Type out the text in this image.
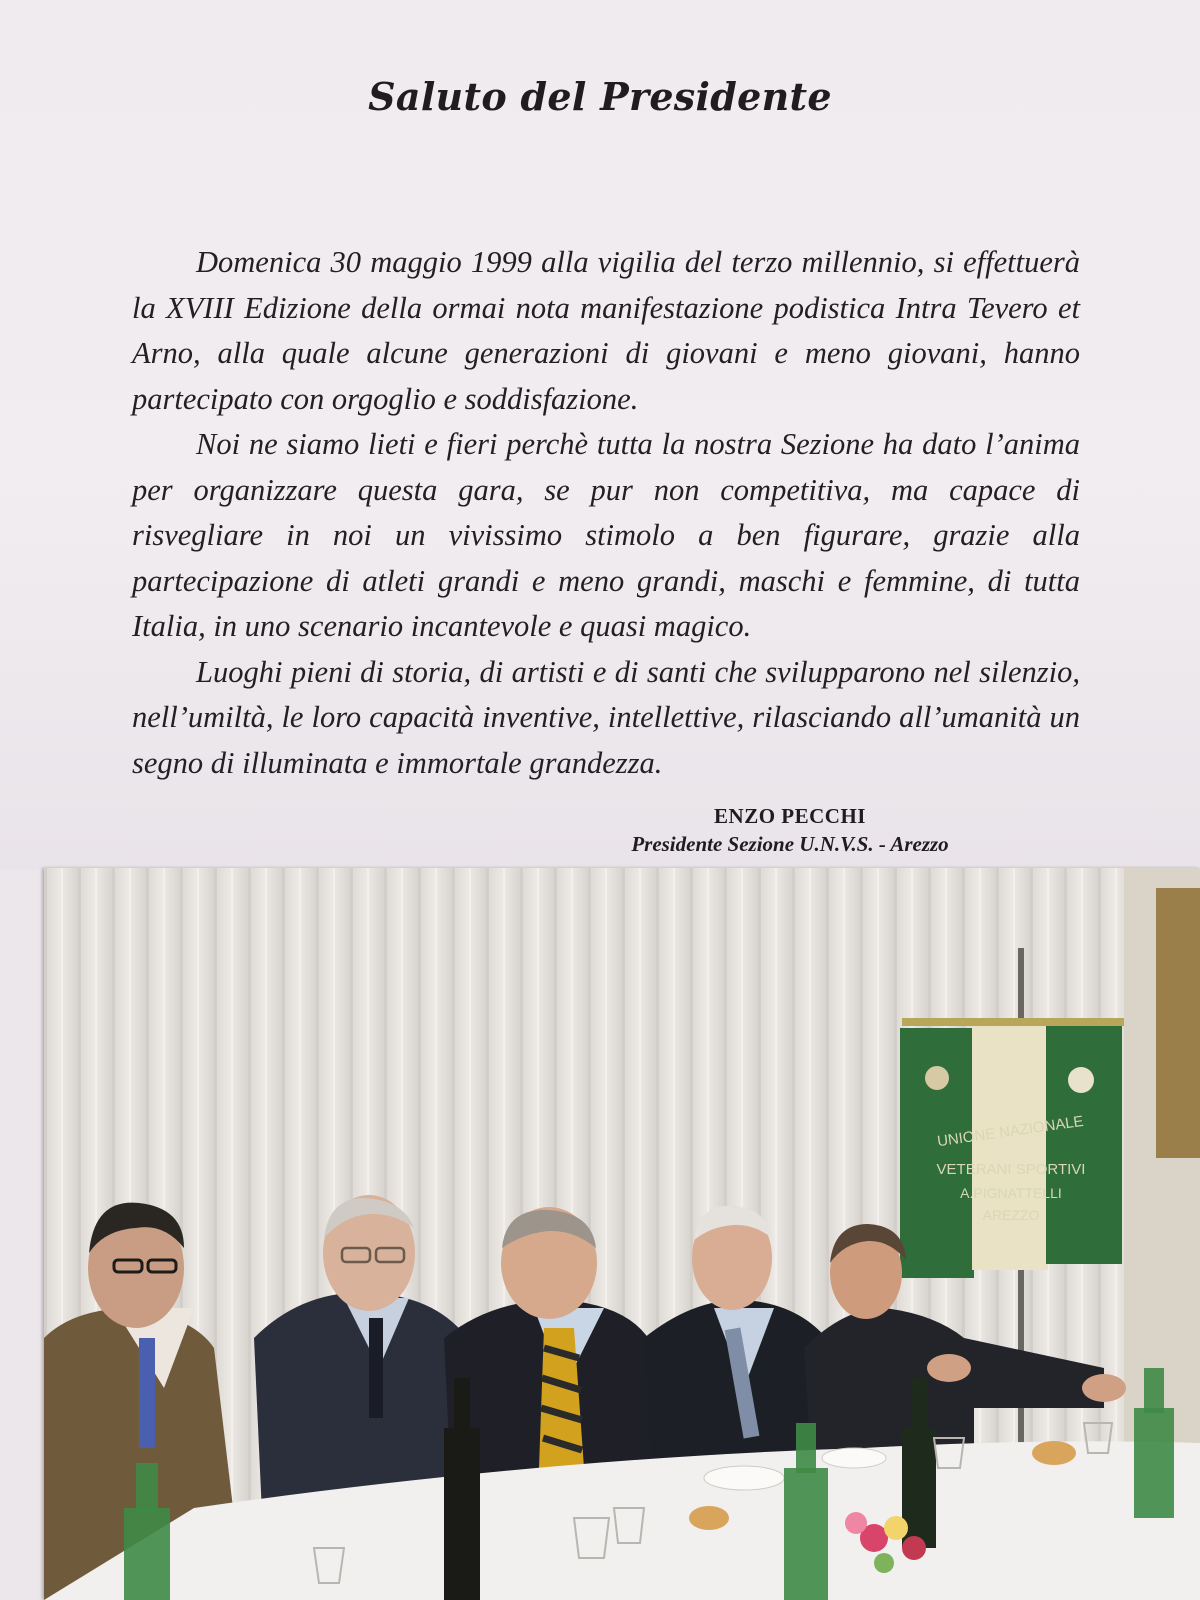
Saluto del Presidente

Domenica 30 maggio 1999 alla vigilia del terzo millennio, si effettuerà la XVIII Edizione della ormai nota manifestazione podistica Intra Tevero et Arno, alla quale alcune generazioni di giovani e meno giovani, hanno partecipato con orgoglio e soddisfazione.

Noi ne siamo lieti e fieri perchè tutta la nostra Sezione ha dato l’anima per organizzare questa gara, se pur non competitiva, ma capace di risvegliare in noi un vivissimo stimolo a ben figurare, grazie alla partecipazione di atleti grandi e meno grandi, maschi e femmine, di tutta Italia, in uno scenario incantevole e quasi magico.

Luoghi pieni di storia, di artisti e di santi che svilupparono nel silenzio, nell’umiltà, le loro capacità inventive, intellettive, rilasciando all’umanità un segno di illuminata e immortale grandezza.

ENZO PECCHI
Presidente Sezione U.N.V.S. - Arezzo
UNIONE NAZIONALE
VETERANI SPORTIVI
A.PIGNATTELLI
AREZZO
